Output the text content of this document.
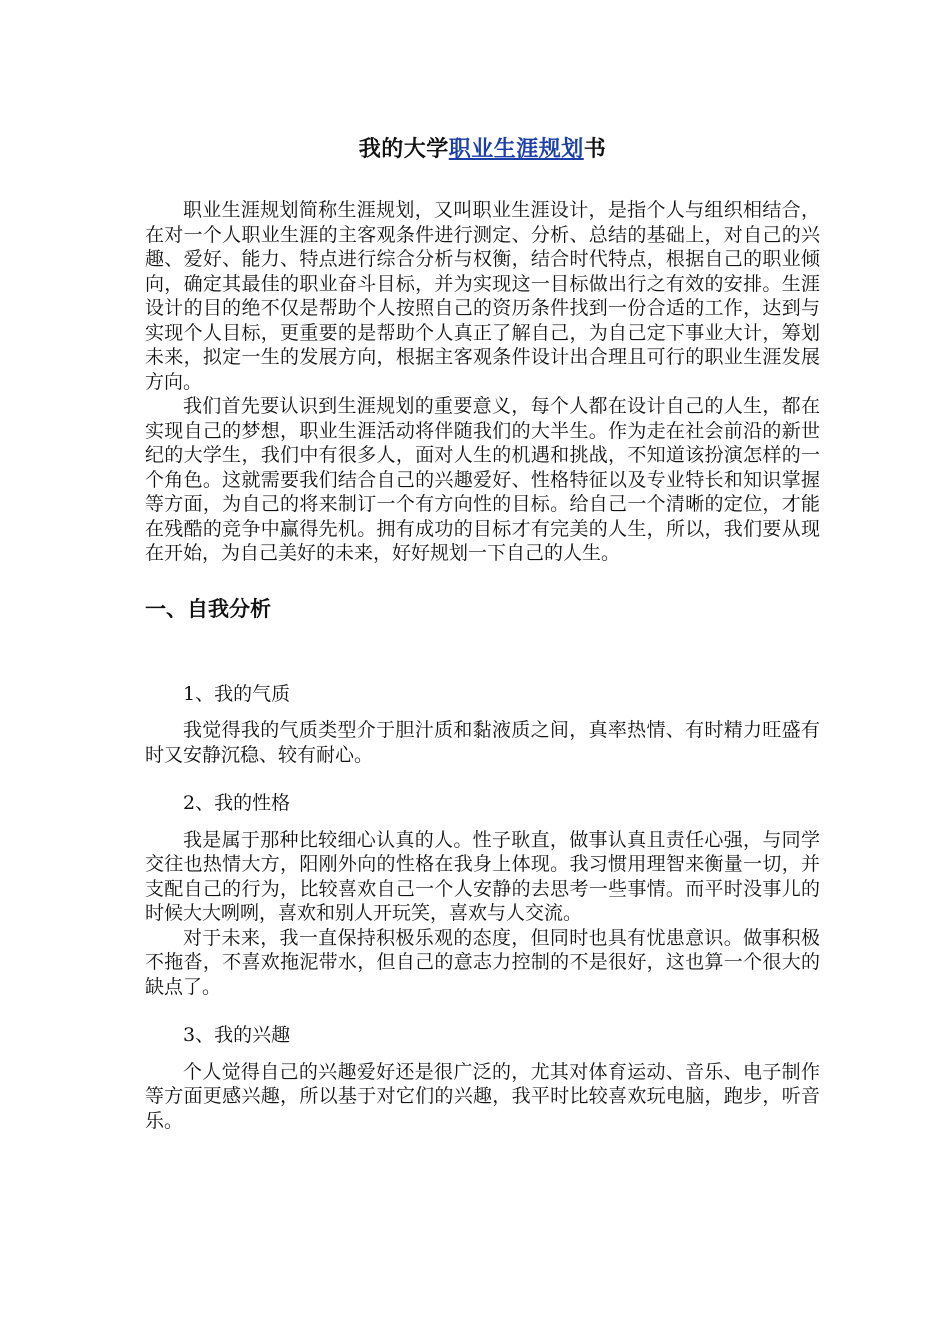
我的大学职业生涯规划书

职业生涯规划简称生涯规划，又叫职业生涯设计，是指个人与组织相结合，在对一个人职业生涯的主客观条件进行测定、分析、总结的基础上，对自己的兴趣、爱好、能力、特点进行综合分析与权衡，结合时代特点，根据自己的职业倾向，确定其最佳的职业奋斗目标，并为实现这一目标做出行之有效的安排。生涯设计的目的绝不仅是帮助个人按照自己的资历条件找到一份合适的工作，达到与实现个人目标，更重要的是帮助个人真正了解自己，为自己定下事业大计，筹划未来，拟定一生的发展方向，根据主客观条件设计出合理且可行的职业生涯发展方向。

我们首先要认识到生涯规划的重要意义，每个人都在设计自己的人生，都在实现自己的梦想，职业生涯活动将伴随我们的大半生。作为走在社会前沿的新世纪的大学生，我们中有很多人，面对人生的机遇和挑战，不知道该扮演怎样的一个角色。这就需要我们结合自己的兴趣爱好、性格特征以及专业特长和知识掌握等方面，为自己的将来制订一个有方向性的目标。给自己一个清晰的定位，才能在残酷的竞争中赢得先机。拥有成功的目标才有完美的人生，所以，我们要从现在开始，为自己美好的未来，好好规划一下自己的人生。

一、自我分析
1、我的气质

我觉得我的气质类型介于胆汁质和黏液质之间，真率热情、有时精力旺盛有时又安静沉稳、较有耐心。

2、我的性格

我是属于那种比较细心认真的人。性子耿直，做事认真且责任心强，与同学交往也热情大方，阳刚外向的性格在我身上体现。我习惯用理智来衡量一切，并支配自己的行为，比较喜欢自己一个人安静的去思考一些事情。而平时没事儿的时候大大咧咧，喜欢和别人开玩笑，喜欢与人交流。

对于未来，我一直保持积极乐观的态度，但同时也具有忧患意识。做事积极不拖沓，不喜欢拖泥带水，但自己的意志力控制的不是很好，这也算一个很大的缺点了。

3、我的兴趣

个人觉得自己的兴趣爱好还是很广泛的，尤其对体育运动、音乐、电子制作等方面更感兴趣，所以基于对它们的兴趣，我平时比较喜欢玩电脑，跑步，听音乐。
